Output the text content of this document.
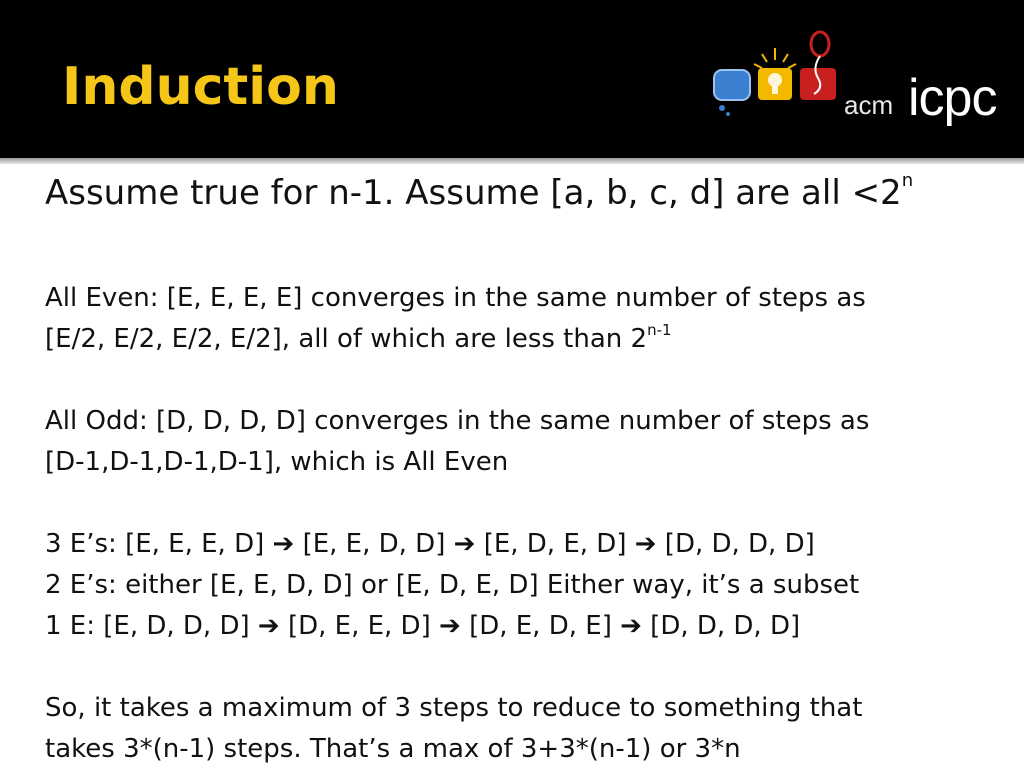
Induction	acm icpc

Assume true for n-1. Assume [a, b, c, d] are all $<2^n$

All Even: [E, E, E, E] converges in the same number of steps as

[E/2, E/2, E/2, E/2], all of which are less than 2$^{n-1}$

All Odd: [D, D, D, D] converges in the same number of steps as

[D-1,D-1,D-1,D-1], which is All Even

3 E’s: [E, E, E, D] ➔ [E, E, D, D] ➔ [E, D, E, D] ➔ [D, D, D, D]

2 E’s: either [E, E, D, D] or [E, D, E, D] Either way, it’s a subset

1 E: [E, D, D, D] ➔ [D, E, E, D] ➔ [D, E, D, E] ➔ [D, D, D, D]

So, it takes a maximum of 3 steps to reduce to something that

takes 3*(n-1) steps. That’s a max of 3+3*(n-1) or 3*n
